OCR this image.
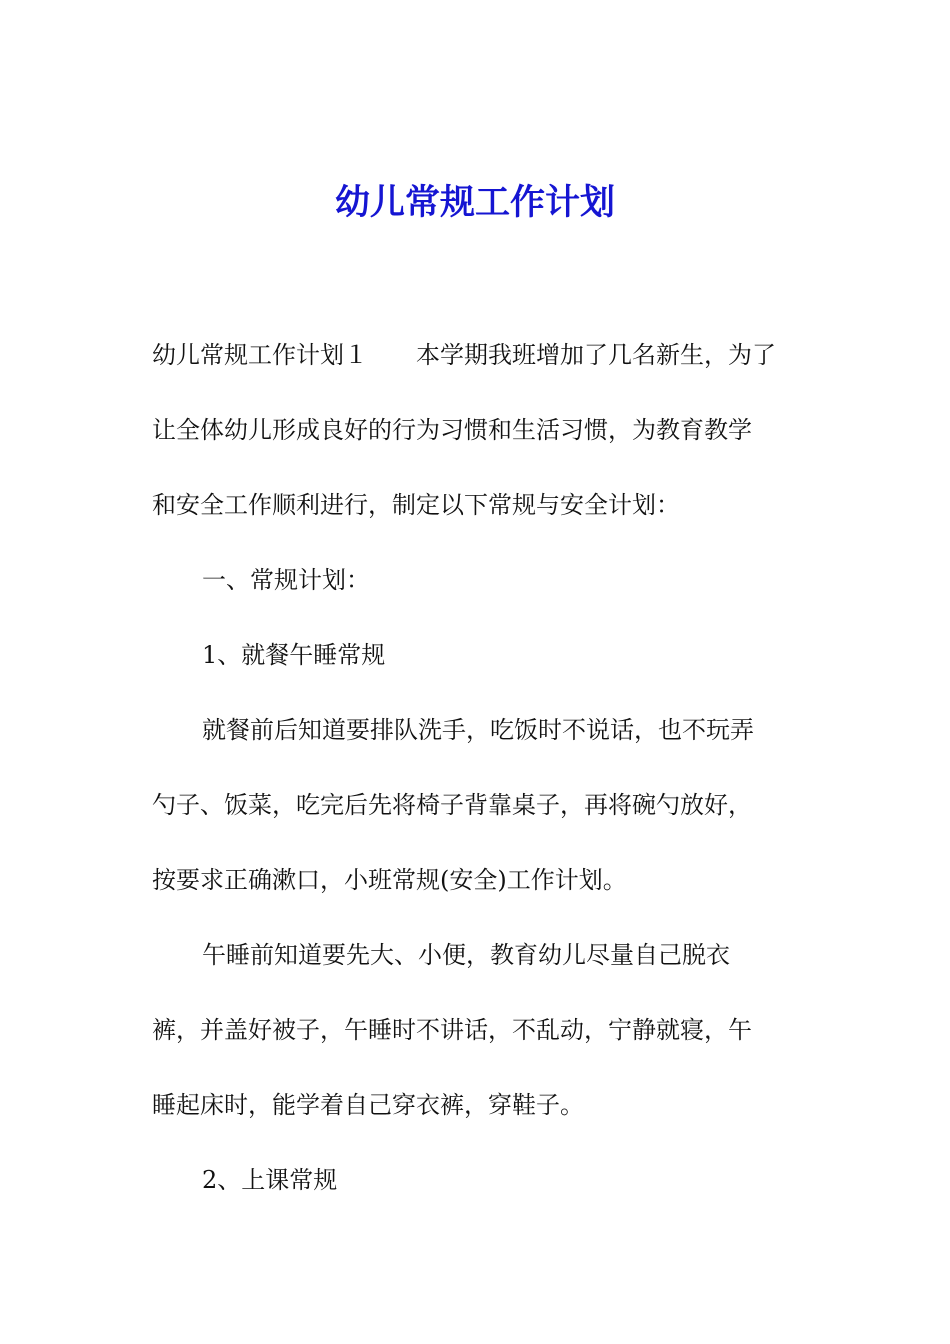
幼儿常规工作计划
幼儿常规工作计划１　　本学期我班增加了几名新生，为了
让全体幼儿形成良好的行为习惯和生活习惯，为教育教学
和安全工作顺利进行，制定以下常规与安全计划：
一、常规计划：
1、就餐午睡常规
就餐前后知道要排队洗手，吃饭时不说话，也不玩弄
勺子、饭菜，吃完后先将椅子背靠桌子，再将碗勺放好，
按要求正确漱口，小班常规(安全)工作计划。
午睡前知道要先大、小便，教育幼儿尽量自己脱衣
裤，并盖好被子，午睡时不讲话，不乱动，宁静就寝，午
睡起床时，能学着自己穿衣裤，穿鞋子。
2、上课常规
